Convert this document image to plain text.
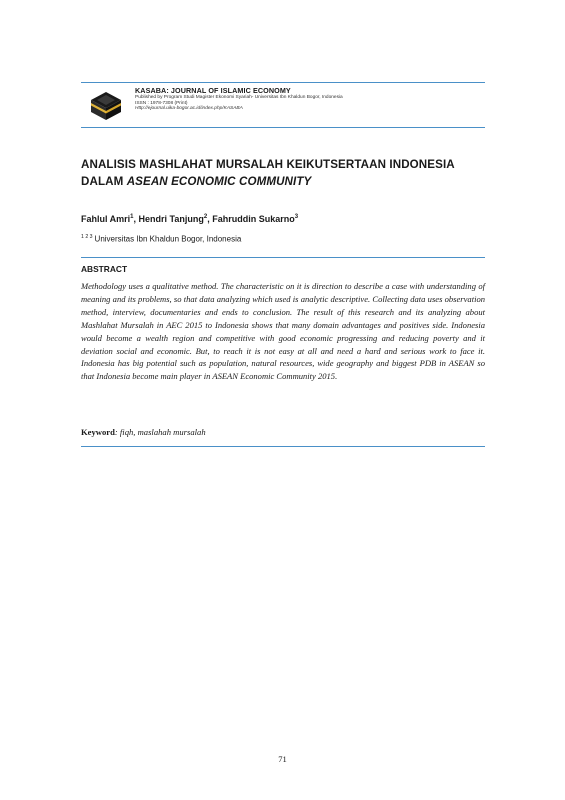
KASABA: JOURNAL OF ISLAMIC ECONOMY
Published by Program Studi Magister Ekonomi Syariah- Universitas Ibn Khaldun Bogor, Indonesia
ISSN : 1978-7308 (Print)
Http://ejournal.uika-bogor.ac.id/index.php/KASABA
ANALISIS MASHLAHAT MURSALAH KEIKUTSERTAAN INDONESIA
DALAM ASEAN ECONOMIC COMMUNITY
Fahlul Amri$^1$, Hendri Tanjung$^2$, Fahruddin Sukarno$^3$
$^{1 2 3}$ Universitas Ibn Khaldun Bogor, Indonesia
ABSTRACT
Methodology uses a qualitative method. The characteristic on it is direction to describe a case with understanding of meaning and its problems, so that data analyzing which used is analytic descriptive. Collecting data uses observation method, interview, documentaries and ends to conclusion. The result of this research and its analyzing about Mashlahat Mursalah in AEC 2015 to Indonesia shows that many domain advantages and positives side. Indonesia would become a wealth region and competitive with good economic progressing and reducing poverty and it deviation social and economic. But, to reach it is not easy at all and need a hard and serious work to face it. Indonesia has big potential such as population, natural resources, wide geography and biggest PDB in ASEAN so that Indonesia become main player in ASEAN Economic Community 2015.
Keyword: fiqh, maslahah mursalah
71
